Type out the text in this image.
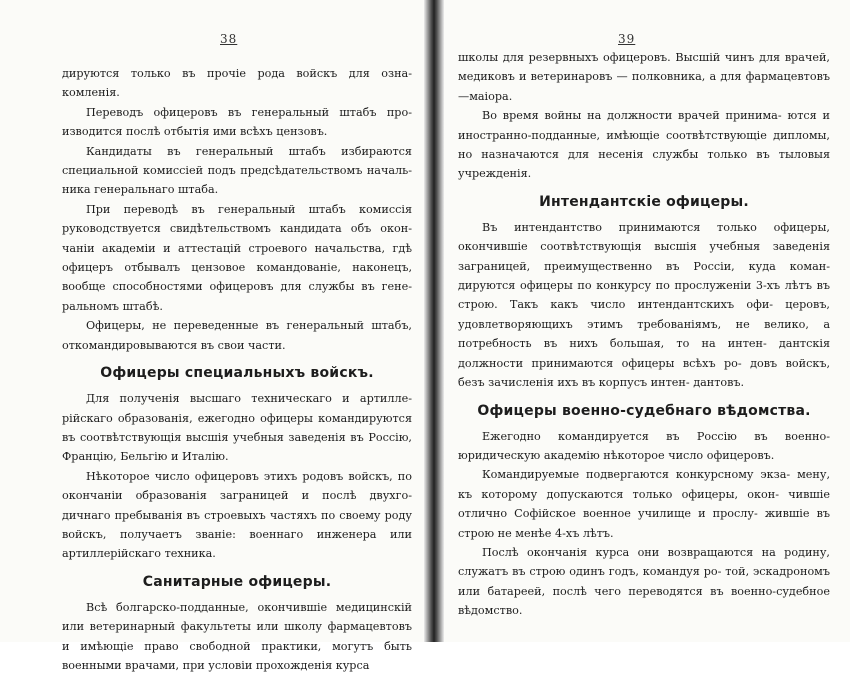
38

дируются только въ прочіе рода войскъ для озна- комленія.

Переводъ офицеровъ въ генеральный штабъ про- изводится послѣ отбытія ими всѣхъ цензовъ.

Кандидаты въ генеральный штабъ избираются специальной комиссіей подъ предсѣдательствомъ началь- ника генеральнаго штаба.

При переводѣ въ генеральный штабъ комиссія руководствуется свидѣтельствомъ кандидата объ окон- чаніи академіи и аттестацій строевого начальства, гдѣ офицеръ отбывалъ цензовое командованіе, наконецъ, вообще способностями офицеровъ для службы въ гене- ральномъ штабѣ.

Офицеры, не переведенные въ генеральный штабъ, откомандировываются въ свои части.

Офицеры специальныхъ войскъ.

Для полученія высшаго техническаго и артилле- рійскаго образованія, ежегодно офицеры командируются въ соотвѣтствующія высшія учебныя заведенія въ Россію, Францію, Бельгію и Италію.

Нѣкоторое число офицеровъ этихъ родовъ войскъ, по окончаніи образованія заграницей и послѣ двухго- дичнаго пребыванія въ строевыхъ частяхъ по своему роду войскъ, получаетъ званіе: военнаго инженера или артиллерійскаго техника.

Санитарные офицеры.

Всѣ болгарско-подданные, окончившіе медицинскій или ветеринарный факультеты или школу фармацевтовъ и имѣющіе право свободной практики, могутъ быть военными врачами, при условіи прохожденія курса

39

школы для резервныхъ офицеровъ. Высшій чинъ для врачей, медиковъ и ветеринаровъ — полковника, а для фармацевтовъ—маіора.

Во время войны на должности врачей принима- ются и иностранно-подданные, имѣющіе соотвѣтствующіе дипломы, но назначаются для несенія службы только въ тыловыя учрежденія.

Интендантскіе офицеры.

Въ интендантство принимаются только офицеры, окончившіе соотвѣтствующія высшія учебныя заведенія заграницей, преимущественно въ Россіи, куда коман- дируются офицеры по конкурсу по прослуженіи 3-хъ лѣтъ въ строю. Такъ какъ число интендантскихъ офи- церовъ, удовлетворяющихъ этимъ требованіямъ, не велико, а потребность въ нихъ большая, то на интен- дантскія должности принимаются офицеры всѣхъ ро- довъ войскъ, безъ зачисленія ихъ въ корпусъ интен- дантовъ.

Офицеры военно-судебнаго вѣдомства.

Ежегодно командируется въ Россію въ военно- юридическую академію нѣкоторое число офицеровъ.

Командируемые подвергаются конкурсному экза- мену, къ которому допускаются только офицеры, окон- чившіе отлично Софійское военное училище и прослу- жившіе въ строю не менѣе 4-хъ лѣтъ.

Послѣ окончанія курса они возвращаются на родину, служатъ въ строю одинъ годъ, командуя ро- той, эскадрономъ или батареей, послѣ чего переводятся въ военно-судебное вѣдомство.
